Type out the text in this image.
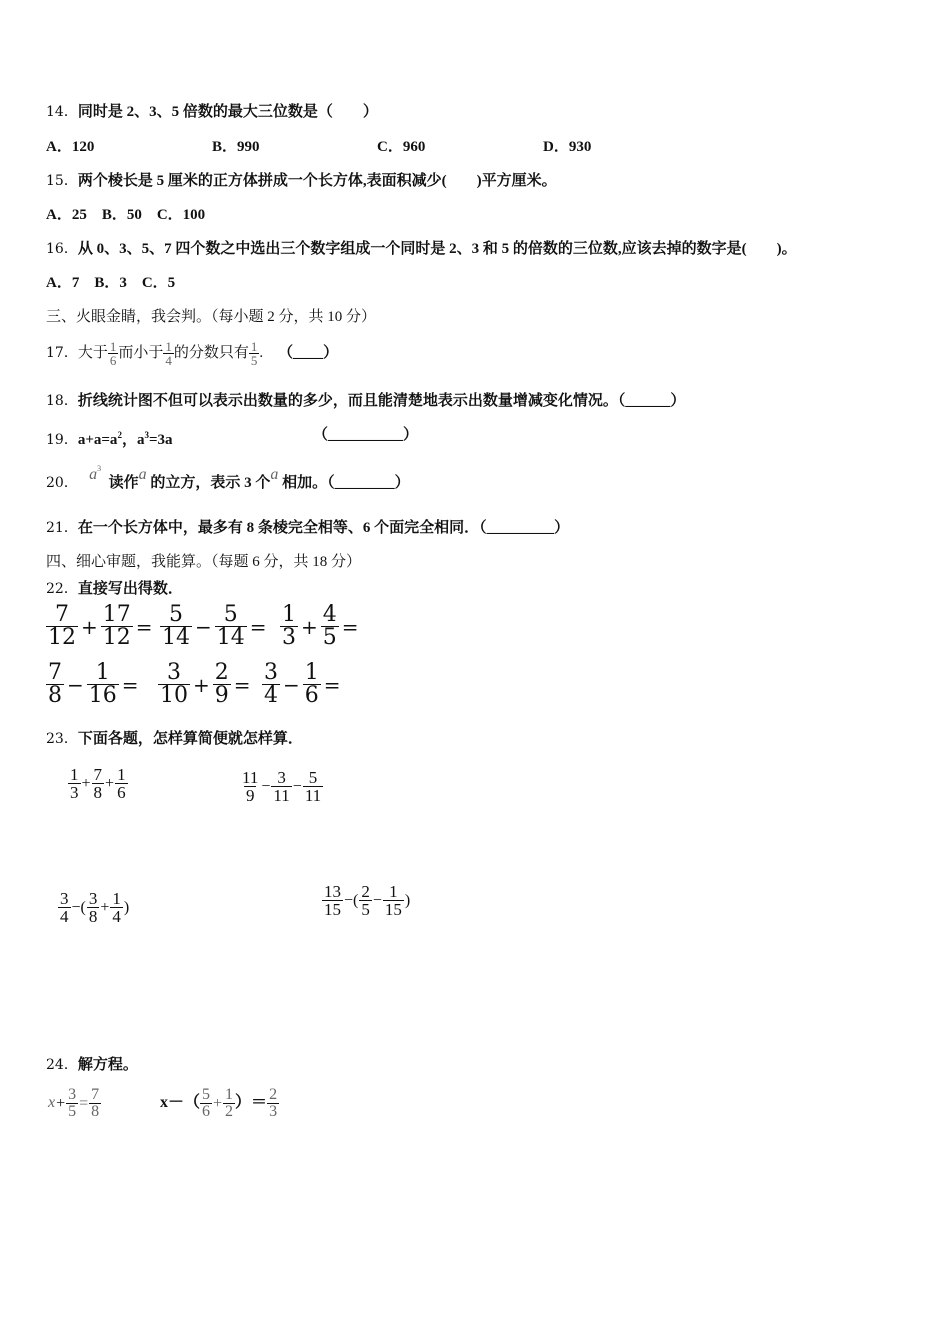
14．同时是 2、3、5 倍数的最大三位数是（　　）
A．120	B．990	C．960	D．930
15．两个棱长是 5 厘米的正方体拼成一个长方体,表面积减少(　　)平方厘米。
A．25　B．50　C．100
16．从 0、3、5、7 四个数之中选出三个数字组成一个同时是 2、3 和 5 的倍数的三位数,应该去掉的数字是(　　)。
A．7　B．3　C．5
三、火眼金睛，我会判。（每小题 2 分，共 10 分）
17．大于 $\frac{1}{6}$ 而小于 $\frac{1}{4}$ 的分数只有 $\frac{1}{5}$ . （____）
18．折线统计图不但可以表示出数量的多少，而且能清楚地表示出数量增减变化情况。（______）
19．$a+a=a^2$，$a^3=3a$	（__________）
20． $a^3$  读作a 的立方，表示 3 个a 相加。（________）
21．在一个长方体中，最多有 8 条棱完全相等、6 个面完全相同．（_________）
四、细心审题，我能算。（每题 6 分，共 18 分）
22．直接写出得数．
$\frac{7}{12} + \frac{17}{12} = \frac{5}{14} - \frac{5}{14} = \frac{1}{3} + \frac{4}{5}$ =
$\frac{7}{8} - \frac{1}{16} = \frac{3}{10} + \frac{2}{9} = \frac{3}{4} - \frac{1}{6}$ =
23．下面各题，怎样算简便就怎样算．
$\frac{1}{3} + \frac{7}{8} + \frac{1}{6}$	$\frac{11}{9} - \frac{3}{11} - \frac{5}{11}$
$\frac{3}{4}$ −( $\frac{3}{8} + \frac{1}{4}$ )	$\frac{13}{15}$ −( $\frac{2}{5} - \frac{1}{15}$ )
24．解方程。
$x+ \frac{3}{5} = \frac{7}{8}$	$x-( \frac{5}{6} + \frac{1}{2}$ ）＝ $\frac{2}{3}$
